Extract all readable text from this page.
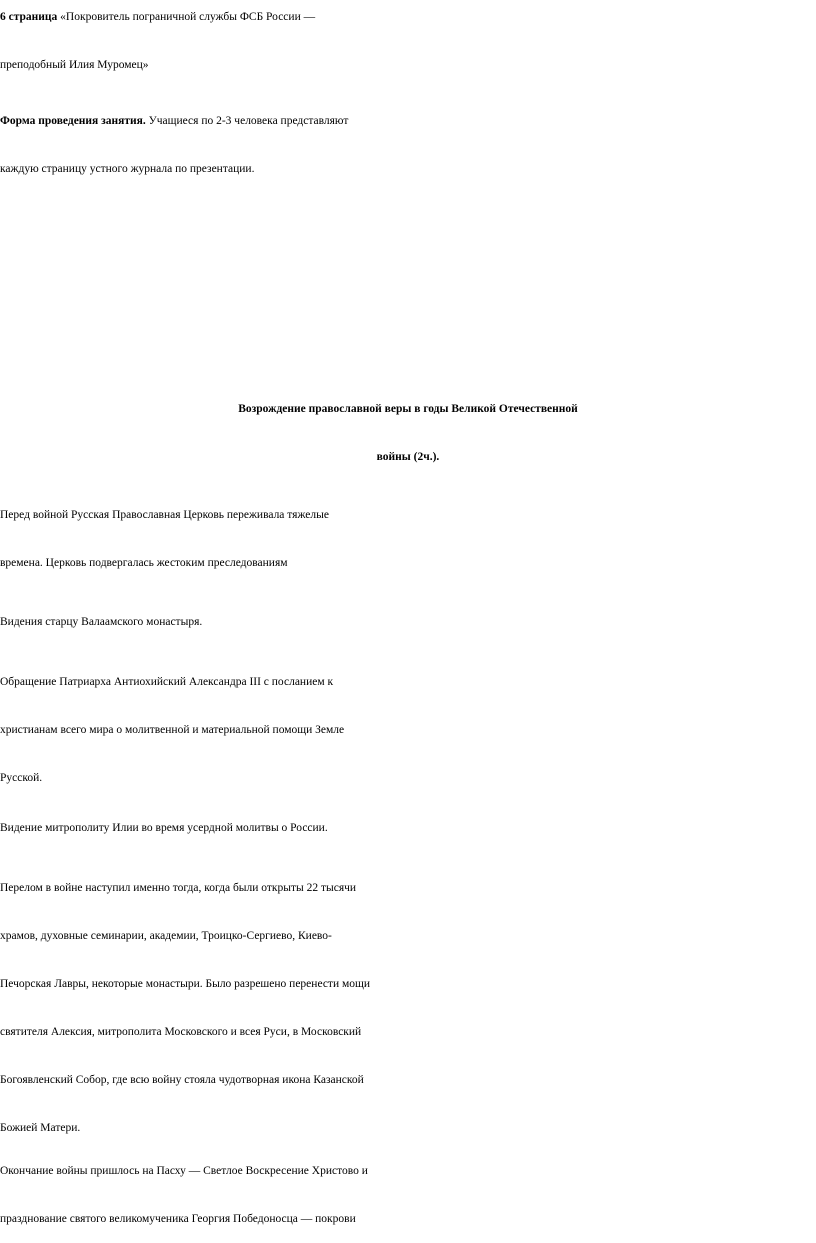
6 страница «Покровитель пограничной службы ФСБ России —
преподобный Илия Муромец»
Форма проведения занятия. Учащиеся по 2-3 человека представляют
каждую страницу устного журнала по презентации.
Возрождение православной веры в годы Великой Отечественной
войны (2ч.).
Перед войной Русская Православная Церковь переживала тяжелые
времена. Церковь подвергалась жестоким преследованиям
Видения старцу Валаамского монастыря.
Обращение Патриарха Антиохийский Александра III с посланием к
христианам всего мира о молитвенной и материальной помощи Земле
Русской.
Видение митрополиту Илии во время усердной молитвы о России.
Перелом в войне наступил именно тогда, когда были открыты 22 тысячи
храмов, духовные семинарии, академии, Троицко-Сергиево, Киево-
Печорская Лавры, некоторые монастыри. Было разрешено перенести мощи
святителя Алексия, митрополита Московского и всея Руси, в Московский
Богоявленский Собор, где всю войну стояла чудотворная икона Казанской
Божией Матери.
Окончание войны пришлось на Пасху — Светлое Воскресение Христово и
празднование святого великомученика Георгия Победоносца — покрови
